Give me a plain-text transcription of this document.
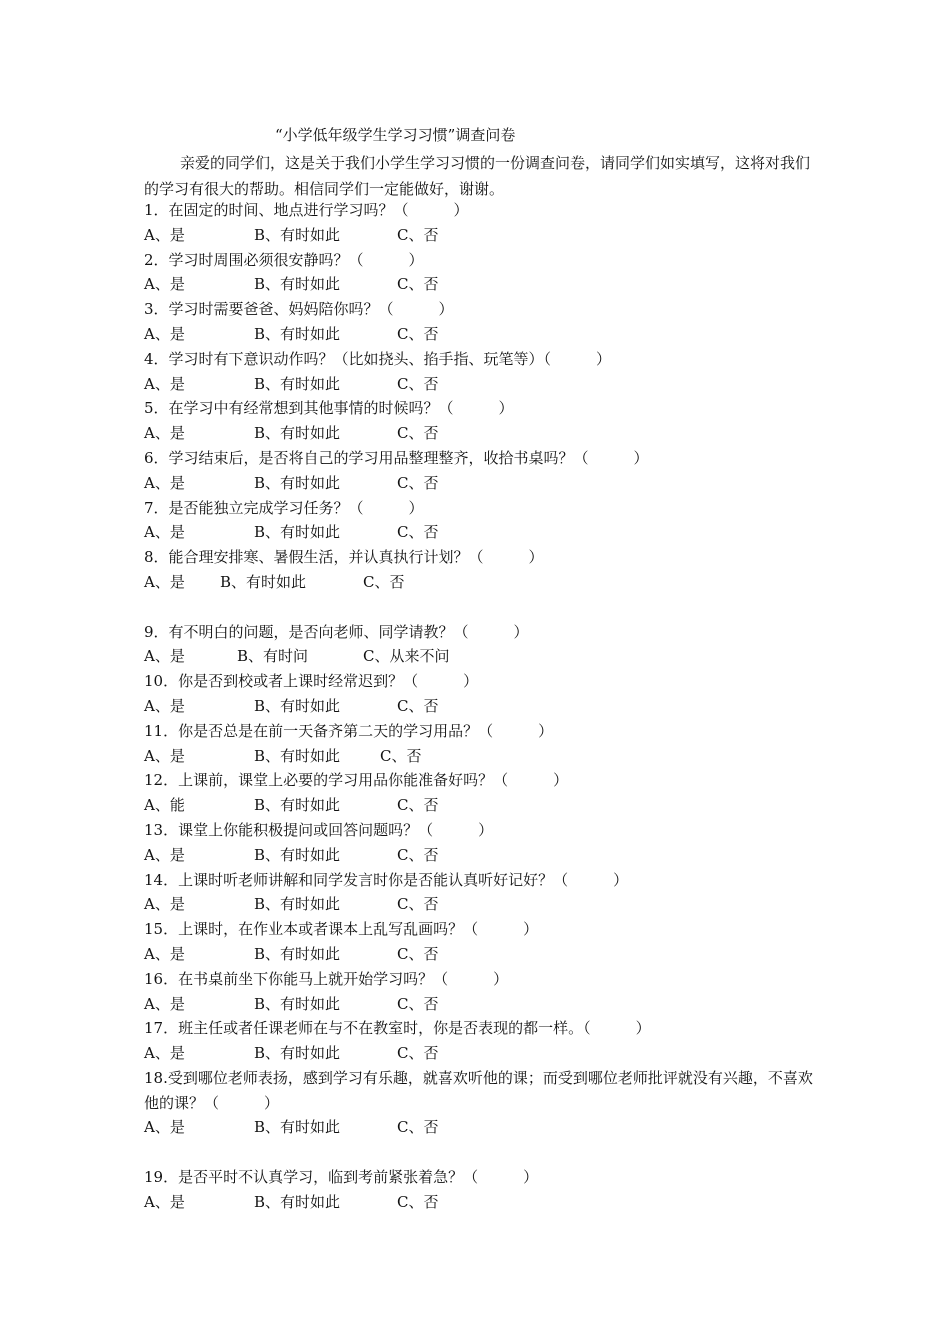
“小学低年级学生学习习惯”调查问卷
亲爱的同学们，这是关于我们小学生学习习惯的一份调查问卷，请同学们如实填写，这将对我们的学习有很大的帮助。相信同学们一定能做好，谢谢。
1．在固定的时间、地点进行学习吗？（　　　）
A、是	B、有时如此	C、否
2．学习时周围必须很安静吗？（　　　）
A、是	B、有时如此	C、否
3．学习时需要爸爸、妈妈陪你吗？（　　　）
A、是	B、有时如此	C、否
4．学习时有下意识动作吗？（比如挠头、掐手指、玩笔等）（　　　）
A、是	B、有时如此	C、否
5．在学习中有经常想到其他事情的时候吗？（　　　）
A、是	B、有时如此	C、否
6．学习结束后，是否将自己的学习用品整理整齐，收拾书桌吗？（　　　）
A、是	B、有时如此	C、否
7．是否能独立完成学习任务？（　　　）
A、是	B、有时如此	C、否
8．能合理安排寒、暑假生活，并认真执行计划？（　　　）
A、是 B、有时如此	C、否
9．有不明白的问题，是否向老师、同学请教？（　　　）
A、是	B、有时问	C、从来不问
10．你是否到校或者上课时经常迟到？（　　　）
A、是	B、有时如此	C、否
11．你是否总是在前一天备齐第二天的学习用品？（　　　）
A、是	B、有时如此	C、否
12．上课前，课堂上必要的学习用品你能准备好吗？（　　　）
A、能	B、有时如此	C、否
13．课堂上你能积极提问或回答问题吗？（　　　）
A、是	B、有时如此	C、否
14．上课时听老师讲解和同学发言时你是否能认真听好记好？（　　　）
A、是	B、有时如此	C、否
15．上课时，在作业本或者课本上乱写乱画吗？（　　　）
A、是	B、有时如此	C、否
16．在书桌前坐下你能马上就开始学习吗？（　　　）
A、是	B、有时如此	C、否
17．班主任或者任课老师在与不在教室时，你是否表现的都一样。（　　　）
A、是	B、有时如此	C、否
18.受到哪位老师表扬，感到学习有乐趣，就喜欢听他的课；而受到哪位老师批评就没有兴趣，不喜欢他的课？（　　　）
A、是	B、有时如此	C、否
19．是否平时不认真学习，临到考前紧张着急？（　　　）
A、是	B、有时如此	C、否
